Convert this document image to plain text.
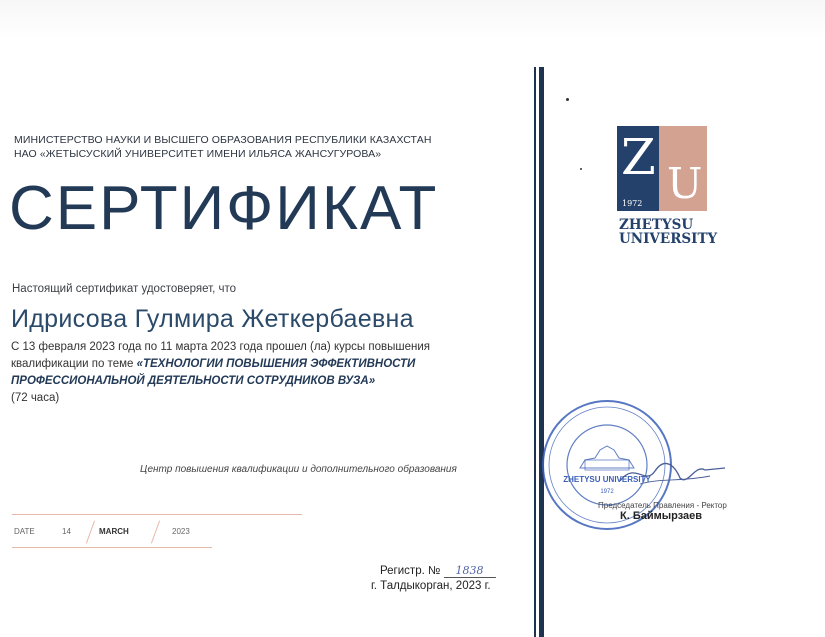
МИНИСТЕРСТВО НАУКИ И ВЫСШЕГО ОБРАЗОВАНИЯ РЕСПУБЛИКИ КАЗАХСТАН
НАО «ЖЕТЫСУСКИЙ УНИВЕРСИТЕТ ИМЕНИ ИЛЬЯСА ЖАНСУГУРОВА»
СЕРТИФИКАТ
Настоящий сертификат удостоверяет, что
Идрисова Гулмира Жеткербаевна
С 13 февраля 2023 года по 11 марта 2023 года прошел (ла) курсы повышения
квалификации по теме «ТЕХНОЛОГИИ ПОВЫШЕНИЯ ЭФФЕКТИВНОСТИ
ПРОФЕССИОНАЛЬНОЙ ДЕЯТЕЛЬНОСТИ СОТРУДНИКОВ ВУЗА»
(72 часа)
Центр повышения квалификации и дополнительного образования
DATE	14	MARCH	2023
Регистр. № 1838
г. Талдыкорган, 2023 г.
Z U
1972
ZHETYSU
UNIVERSITY
ZHETYSU UNIVERSITY
1972
Председатель Правления - Ректор
К. Баймырзаев
